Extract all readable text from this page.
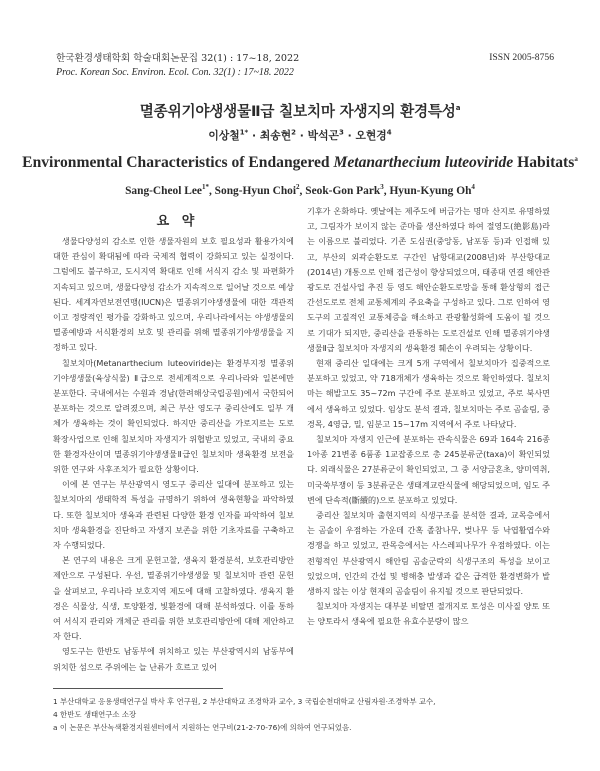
한국환경생태학회 학술대회논문집 32(1) : 17~18, 2022
Proc. Korean Soc. Environ. Ecol. Con. 32(1) : 17~18. 2022
ISSN 2005-8756
멸종위기야생생물Ⅱ급 칠보치마 자생지의 환경특성$^a$
이상철$^{1*}$ · 최송현$^2$ · 박석곤$^3$ · 오현경$^4$
Environmental Characteristics of Endangered Metanarthecium luteoviride Habitats$^a$
Sang-Cheol Lee$^{1*}$, Song-Hyun Choi$^2$, Seok-Gon Park$^3$, Hyun-Kyung Oh$^4$
요 약

생물다양성의 감소로 인한 생물자원의 보호 필요성과 활용가치에 대한 관심이 확대됨에 따라 국제적 협력이 강화되고 있는 실정이다. 그럼에도 불구하고, 도시지역 확대로 인해 서식지 감소 및 파편화가 지속되고 있으며, 생물다양성 감소가 지속적으로 일어날 것으로 예상된다. 세계자연보전연맹(IUCN)은 멸종위기야생생물에 대한 객관적이고 정량적인 평가를 강화하고 있으며, 우리나라에서는 야생생물의 멸종예방과 서식환경의 보호 및 관리를 위해 멸종위기야생생물을 지정하고 있다.

칠보치마(Metanarthecium luteoviride)는 환경부지정 멸종위기야생생물(육상식물) Ⅱ급으로 전세계적으로 우리나라와 일본에만 분포한다. 국내에서는 수원과 경남(한려해상국립공원)에서 국한되어 분포하는 것으로 알려졌으며, 최근 부산 영도구 중리산에도 일부 개체가 생육하는 것이 확인되었다. 하지만 중리산을 가로지르는 도로 확장사업으로 인해 칠보치마 자생지가 위협받고 있었고, 국내의 중요한 환경자산이며 멸종위기야생생물Ⅱ급인 칠보치마 생육환경 보전을 위한 연구와 사후조치가 필요한 상황이다.

이에 본 연구는 부산광역시 영도구 중리산 일대에 분포하고 있는 칠보치마의 생태학적 특성을 규명하기 위하여 생육현황을 파악하였다. 또한 칠보치마 생육과 관련된 다양한 환경 인자를 파악하여 칠보치마 생육환경을 진단하고 자생지 보존을 위한 기초자료를 구축하고자 수행되었다.

본 연구의 내용은 크게 문헌고찰, 생육지 환경분석, 보호관리방안 제안으로 구성된다. 우선, 멸종위기야생생물 및 칠보치마 관련 문헌을 살펴보고, 우리나라 보호지역 제도에 대해 고찰하였다. 생육지 환경은 식물상, 식생, 토양환경, 빛환경에 대해 분석하였다. 이를 통하여 서식지 관리와 개체군 관리를 위한 보호관리방안에 대해 제안하고자 한다.

영도구는 한반도 남동부에 위치하고 있는 부산광역시의 남동부에 위치한 섬으로 주위에는 늘 난류가 흐르고 있어

기후가 온화하다. 옛날에는 제주도에 버금가는 명마 산지로 유명하였고, 그림자가 보이지 않는 준마를 생산하였다 하여 절영도(絶影島)라는 이름으로 불리었다. 기존 도심권(중앙동, 남포동 등)과 인접해 있고, 부산의 외곽순환도로 구간인 남항대교(2008년)와 부산항대교(2014년) 개통으로 인해 접근성이 향상되었으며, 태종대 연결 해안관광도로 건설사업 추진 등 영도 해안순환도로망을 통해 환상형의 접근 간선도로로 전체 교통체계의 주요축을 구성하고 있다. 그로 인하여 영도구의 고질적인 교통체증을 해소하고 관광활성화에 도움이 될 것으로 기대가 되지만, 중리산을 관통하는 도로건설로 인해 멸종위기야생생물Ⅱ급 칠보치마 자생지의 생육환경 훼손이 우려되는 상황이다.

현재 중리산 일대에는 크게 5개 구역에서 칠보치마가 집중적으로 분포하고 있었고, 약 718개체가 생육하는 것으로 확인하였다. 칠보치마는 해발고도 35~72m 구간에 주로 분포하고 있었고, 주로 북사면에서 생육하고 있었다. 임상도 분석 결과, 칠보치마는 주로 곰솔림, 중경목, 4영급, 밀, 임분고 15~17m 지역에서 주로 나타났다.

칠보치마 자생지 인근에 분포하는 관속식물은 69과 164속 216종 1아종 21변종 6품종 1교잡종으로 총 245분류군(taxa)이 확인되었다. 외래식물은 27분류군이 확인되었고, 그 중 서양금혼초, 양미역취, 미국쑥부쟁이 등 3분류군은 생태계교란식물에 해당되었으며, 임도 주변에 단속적(斷續的)으로 분포하고 있었다.

중리산 칠보치마 출현지역의 식생구조를 분석한 결과, 교목층에서는 곰솔이 우점하는 가운데 간혹 졸참나무, 벚나무 등 낙엽활엽수와 경쟁을 하고 있었고, 관목층에서는 사스레피나무가 우점하였다. 이는 전형적인 부산광역시 해안림 곰솔군락의 식생구조의 특성을 보이고 있었으며, 인간의 간섭 및 병해충 발생과 같은 급격한 환경변화가 발생하지 않는 이상 현재의 곰솔림이 유지될 것으로 판단되었다.

칠보치마 자생지는 대부분 비탈면 절개지로 토성은 미사질 양토 또는 양토라서 생육에 필요한 유효수분량이 많으

1 부산대학교 응용생태연구실 박사 후 연구원, 2 부산대학교 조경학과 교수, 3 국립순천대학교 산림자원·조경학부 교수,
4 한반도 생태연구소 소장
a 이 논문은 부산녹색환경지원센터에서 지원하는 연구비(21-2-70-76)에 의하여 연구되었음.
